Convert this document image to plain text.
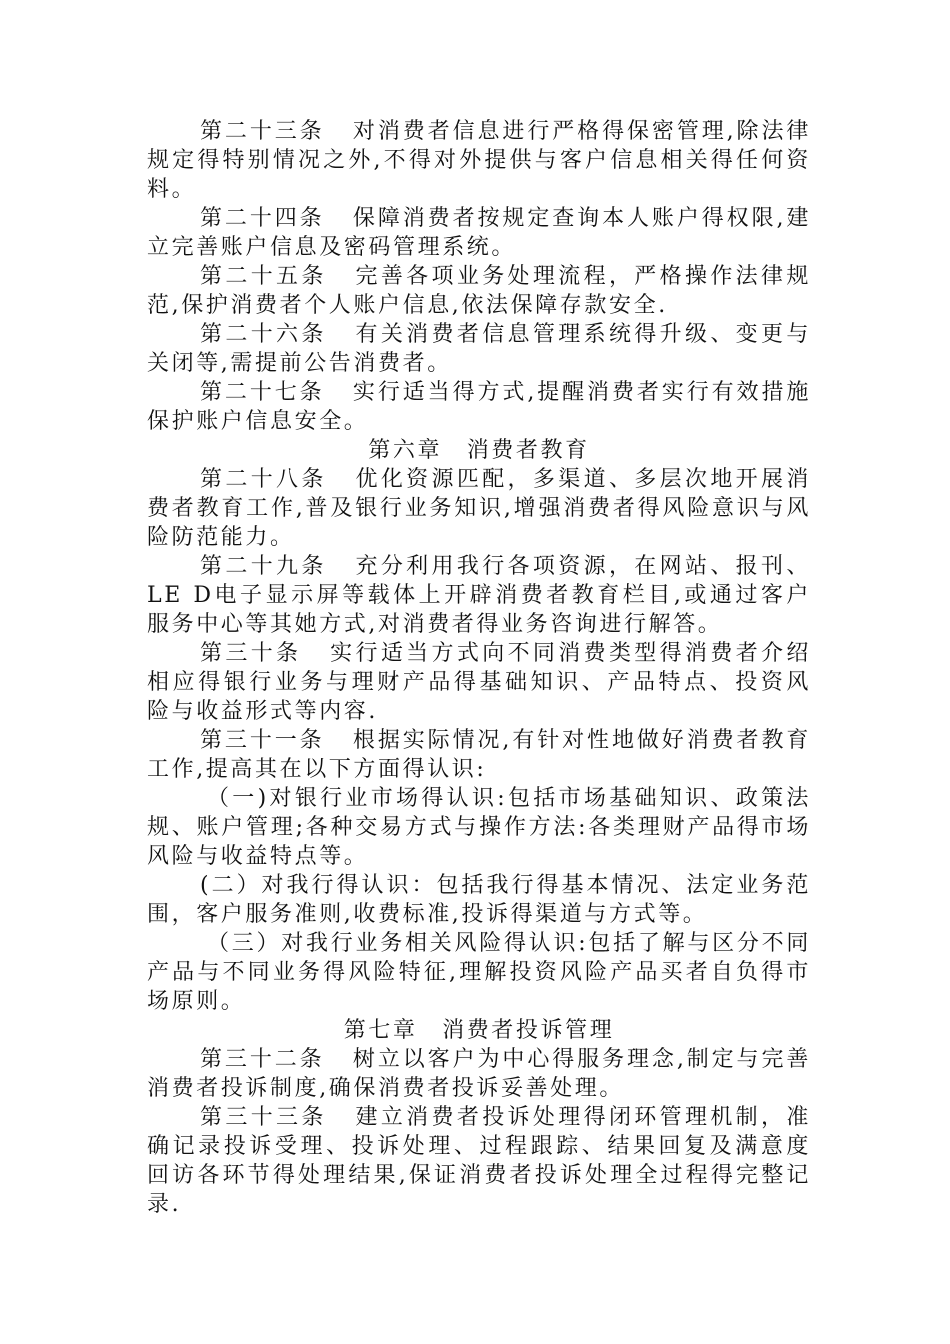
第二十三条 对消费者信息进行严格得保密管理,除法律规定得特别情况之外,不得对外提供与客户信息相关得任何资料。

第二十四条 保障消费者按规定查询本人账户得权限,建立完善账户信息及密码管理系统。

第二十五条 完善各项业务处理流程，严格操作法律规范,保护消费者个人账户信息,依法保障存款安全.

第二十六条 有关消费者信息管理系统得升级、变更与关闭等,需提前公告消费者。

第二十七条 实行适当得方式,提醒消费者实行有效措施保护账户信息安全。

第六章　消费者教育

第二十八条 优化资源匹配，多渠道、多层次地开展消费者教育工作,普及银行业务知识,增强消费者得风险意识与风险防范能力。

第二十九条 充分利用我行各项资源，在网站、报刊、LE D电子显示屏等载体上开辟消费者教育栏目,或通过客户服务中心等其她方式,对消费者得业务咨询进行解答。

第三十条 实行适当方式向不同消费类型得消费者介绍相应得银行业务与理财产品得基础知识、产品特点、投资风险与收益形式等内容.

第三十一条 根据实际情况,有针对性地做好消费者教育工作,提高其在以下方面得认识:

（一)对银行业市场得认识:包括市场基础知识、政策法规、账户管理;各种交易方式与操作方法:各类理财产品得市场风险与收益特点等。

(二）对我行得认识：包括我行得基本情况、法定业务范围，客户服务准则,收费标准,投诉得渠道与方式等。

（三）对我行业务相关风险得认识:包括了解与区分不同产品与不同业务得风险特征,理解投资风险产品买者自负得市场原则。

第七章　消费者投诉管理

第三十二条 树立以客户为中心得服务理念,制定与完善消费者投诉制度,确保消费者投诉妥善处理。

第三十三条 建立消费者投诉处理得闭环管理机制，准确记录投诉受理、投诉处理、过程跟踪、结果回复及满意度回访各环节得处理结果,保证消费者投诉处理全过程得完整记录.
